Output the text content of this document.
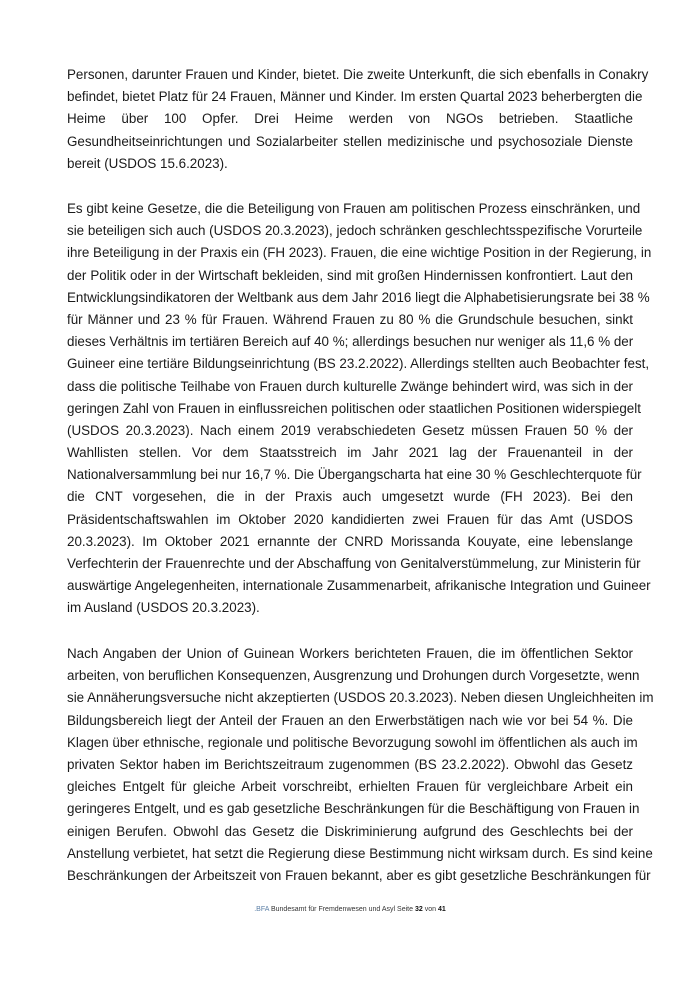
Personen, darunter Frauen und Kinder, bietet. Die zweite Unterkunft, die sich ebenfalls in Conakry
befindet, bietet Platz für 24 Frauen, Männer und Kinder. Im ersten Quartal 2023 beherbergten die
Heime über 100 Opfer. Drei Heime werden von NGOs betrieben. Staatliche
Gesundheitseinrichtungen und Sozialarbeiter stellen medizinische und psychosoziale Dienste
bereit (USDOS 15.6.2023).
Es gibt keine Gesetze, die die Beteiligung von Frauen am politischen Prozess einschränken, und
sie beteiligen sich auch (USDOS 20.3.2023), jedoch schränken geschlechtsspezifische Vorurteile
ihre Beteiligung in der Praxis ein (FH 2023). Frauen, die eine wichtige Position in der Regierung, in
der Politik oder in der Wirtschaft bekleiden, sind mit großen Hindernissen konfrontiert. Laut den
Entwicklungsindikatoren der Weltbank aus dem Jahr 2016 liegt die Alphabetisierungsrate bei 38 %
für Männer und 23 % für Frauen. Während Frauen zu 80 % die Grundschule besuchen, sinkt
dieses Verhältnis im tertiären Bereich auf 40 %; allerdings besuchen nur weniger als 11,6 % der
Guineer eine tertiäre Bildungseinrichtung (BS 23.2.2022). Allerdings stellten auch Beobachter fest,
dass die politische Teilhabe von Frauen durch kulturelle Zwänge behindert wird, was sich in der
geringen Zahl von Frauen in einflussreichen politischen oder staatlichen Positionen widerspiegelt
(USDOS 20.3.2023). Nach einem 2019 verabschiedeten Gesetz müssen Frauen 50 % der
Wahllisten stellen. Vor dem Staatsstreich im Jahr 2021 lag der Frauenanteil in der
Nationalversammlung bei nur 16,7 %. Die Übergangscharta hat eine 30 % Geschlechterquote für
die CNT vorgesehen, die in der Praxis auch umgesetzt wurde (FH 2023). Bei den
Präsidentschaftswahlen im Oktober 2020 kandidierten zwei Frauen für das Amt (USDOS
20.3.2023). Im Oktober 2021 ernannte der CNRD Morissanda Kouyate, eine lebenslange
Verfechterin der Frauenrechte und der Abschaffung von Genitalverstümmelung, zur Ministerin für
auswärtige Angelegenheiten, internationale Zusammenarbeit, afrikanische Integration und Guineer
im Ausland (USDOS 20.3.2023).
Nach Angaben der Union of Guinean Workers berichteten Frauen, die im öffentlichen Sektor
arbeiten, von beruflichen Konsequenzen, Ausgrenzung und Drohungen durch Vorgesetzte, wenn
sie Annäherungsversuche nicht akzeptierten (USDOS 20.3.2023). Neben diesen Ungleichheiten im
Bildungsbereich liegt der Anteil der Frauen an den Erwerbstätigen nach wie vor bei 54 %. Die
Klagen über ethnische, regionale und politische Bevorzugung sowohl im öffentlichen als auch im
privaten Sektor haben im Berichtszeitraum zugenommen (BS 23.2.2022). Obwohl das Gesetz
gleiches Entgelt für gleiche Arbeit vorschreibt, erhielten Frauen für vergleichbare Arbeit ein
geringeres Entgelt, und es gab gesetzliche Beschränkungen für die Beschäftigung von Frauen in
einigen Berufen. Obwohl das Gesetz die Diskriminierung aufgrund des Geschlechts bei der
Anstellung verbietet, hat setzt die Regierung diese Bestimmung nicht wirksam durch. Es sind keine
Beschränkungen der Arbeitszeit von Frauen bekannt, aber es gibt gesetzliche Beschränkungen für
.BFA Bundesamt für Fremdenwesen und Asyl Seite 32 von 41
